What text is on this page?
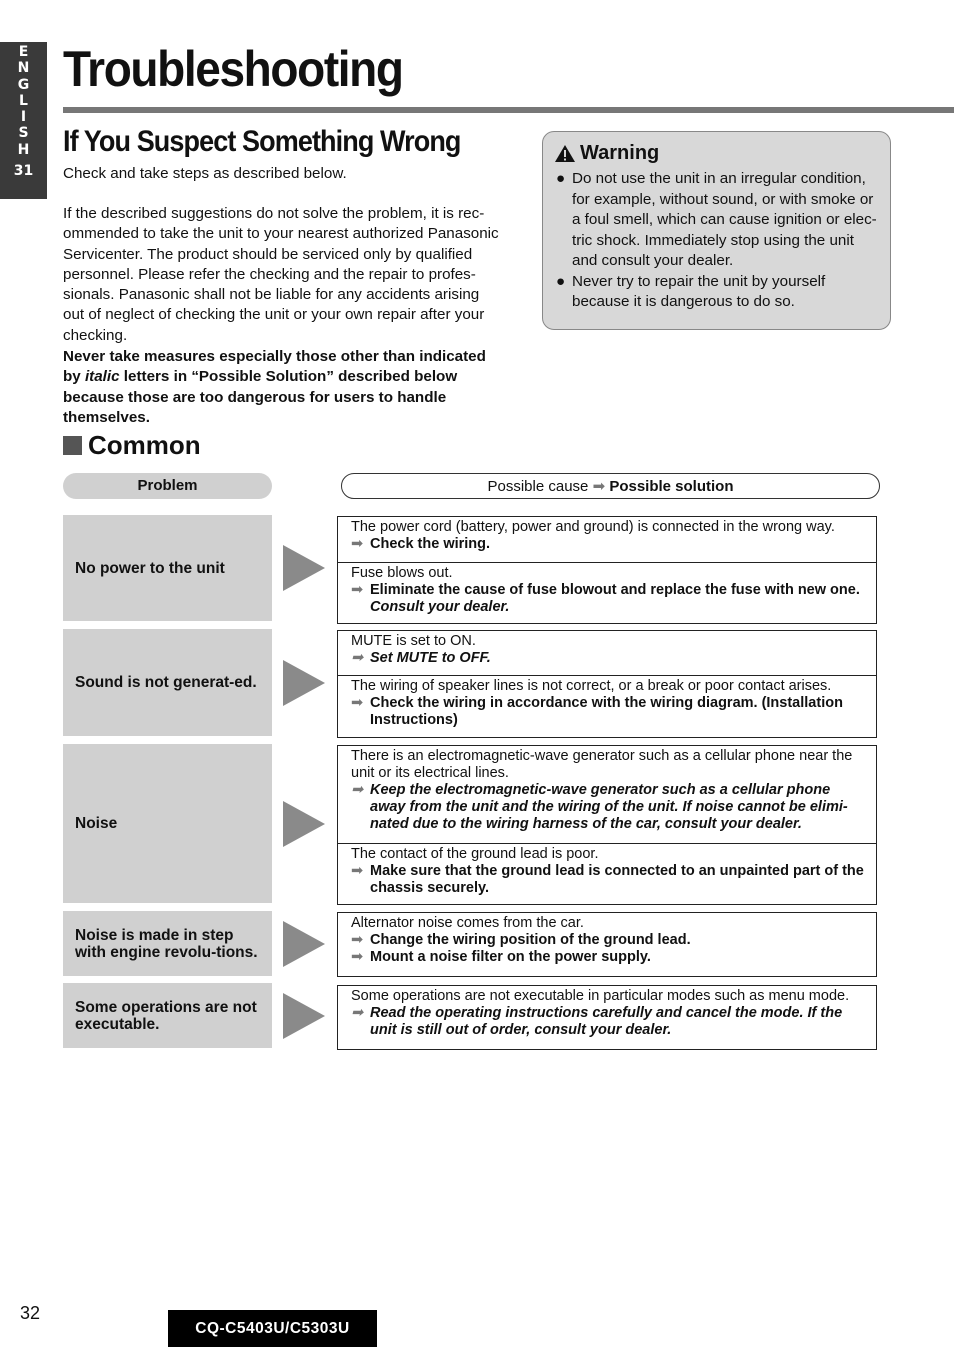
E
N
G
L
I
S
H
31
Troubleshooting
If You Suspect Something Wrong
Check and take steps as described below.
If the described suggestions do not solve the problem, it is rec-ommended to take the unit to your nearest authorized Panasonic Servicenter. The product should be serviced only by qualified personnel. Please refer the checking and the repair to profes-sionals. Panasonic shall not be liable for any accidents arising out of neglect of checking the unit or your own repair after your checking.
Never take measures especially those other than indicated by italic letters in “Possible Solution” described below because those are too dangerous for users to handle themselves.
Warning
● Do not use the unit in an irregular condition, for example, without sound, or with smoke or a foul smell, which can cause ignition or elec-tric shock. Immediately stop using the unit and consult your dealer.
● Never try to repair the unit by yourself because it is dangerous to do so.
Common
Problem	Possible cause ➡ Possible solution
No power to the unit
The power cord (battery, power and ground) is connected in the wrong way.
➡ Check the wiring.
Fuse blows out.
➡ Eliminate the cause of fuse blowout and replace the fuse with new one.
Consult your dealer.
Sound is not generat-ed.
MUTE is set to ON.
➡ Set MUTE to OFF.
The wiring of speaker lines is not correct, or a break or poor contact arises.
➡ Check the wiring in accordance with the wiring diagram. (Installation Instructions)
Noise
There is an electromagnetic-wave generator such as a cellular phone near the unit or its electrical lines.
➡ Keep the electromagnetic-wave generator such as a cellular phone away from the unit and the wiring of the unit. If noise cannot be elimi-nated due to the wiring harness of the car, consult your dealer.
The contact of the ground lead is poor.
➡ Make sure that the ground lead is connected to an unpainted part of the chassis securely.
Noise is made in step with engine revolu-tions.
Alternator noise comes from the car.
➡ Change the wiring position of the ground lead.
➡ Mount a noise filter on the power supply.
Some operations are not executable.
Some operations are not executable in particular modes such as menu mode.
➡ Read the operating instructions carefully and cancel the mode. If the unit is still out of order, consult your dealer.
32
CQ-C5403U/C5303U
